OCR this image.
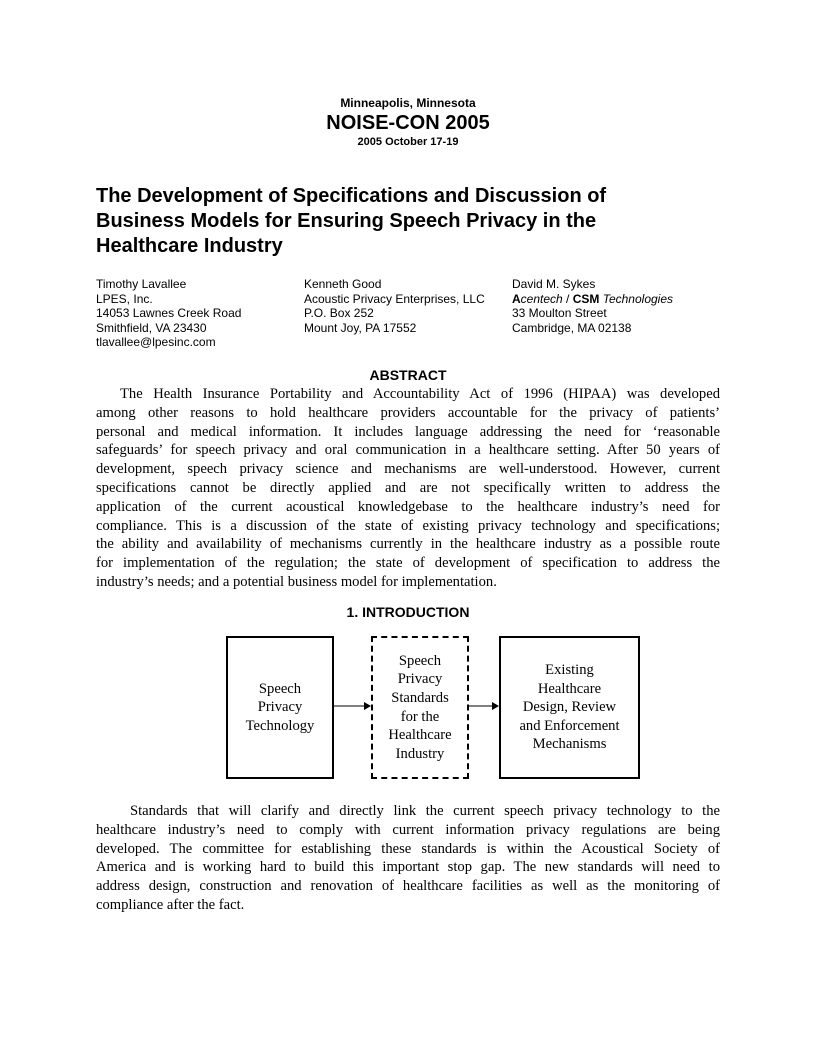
Minneapolis, Minnesota
NOISE-CON 2005
2005 October 17-19
The Development of Specifications and Discussion of
Business Models for Ensuring Speech Privacy in the
Healthcare Industry
Timothy Lavallee
LPES, Inc.
14053 Lawnes Creek Road
Smithfield, VA 23430
tlavallee@lpesinc.com
Kenneth Good
Acoustic Privacy Enterprises, LLC
P.O. Box 252
Mount Joy, PA 17552
David M. Sykes
Acentech / CSM Technologies
33 Moulton Street
Cambridge, MA 02138
ABSTRACT
The Health Insurance Portability and Accountability Act of 1996 (HIPAA) was developed
among other reasons to hold healthcare providers accountable for the privacy of patients’
personal and medical information. It includes language addressing the need for ‘reasonable
safeguards’ for speech privacy and oral communication in a healthcare setting. After 50 years of
development, speech privacy science and mechanisms are well-understood. However, current
specifications cannot be directly applied and are not specifically written to address the
application of the current acoustical knowledgebase to the healthcare industry’s need for
compliance. This is a discussion of the state of existing privacy technology and specifications;
the ability and availability of mechanisms currently in the healthcare industry as a possible route
for implementation of the regulation; the state of development of specification to address the
industry’s needs; and a potential business model for implementation.
1. INTRODUCTION
Speech
Privacy
Technology
Speech
Privacy
Standards
for the
Healthcare
Industry
Existing
Healthcare
Design, Review
and Enforcement
Mechanisms
Standards that will clarify and directly link the current speech privacy technology to the
healthcare industry’s need to comply with current information privacy regulations are being
developed. The committee for establishing these standards is within the Acoustical Society of
America and is working hard to build this important stop gap. The new standards will need to
address design, construction and renovation of healthcare facilities as well as the monitoring of
compliance after the fact.
